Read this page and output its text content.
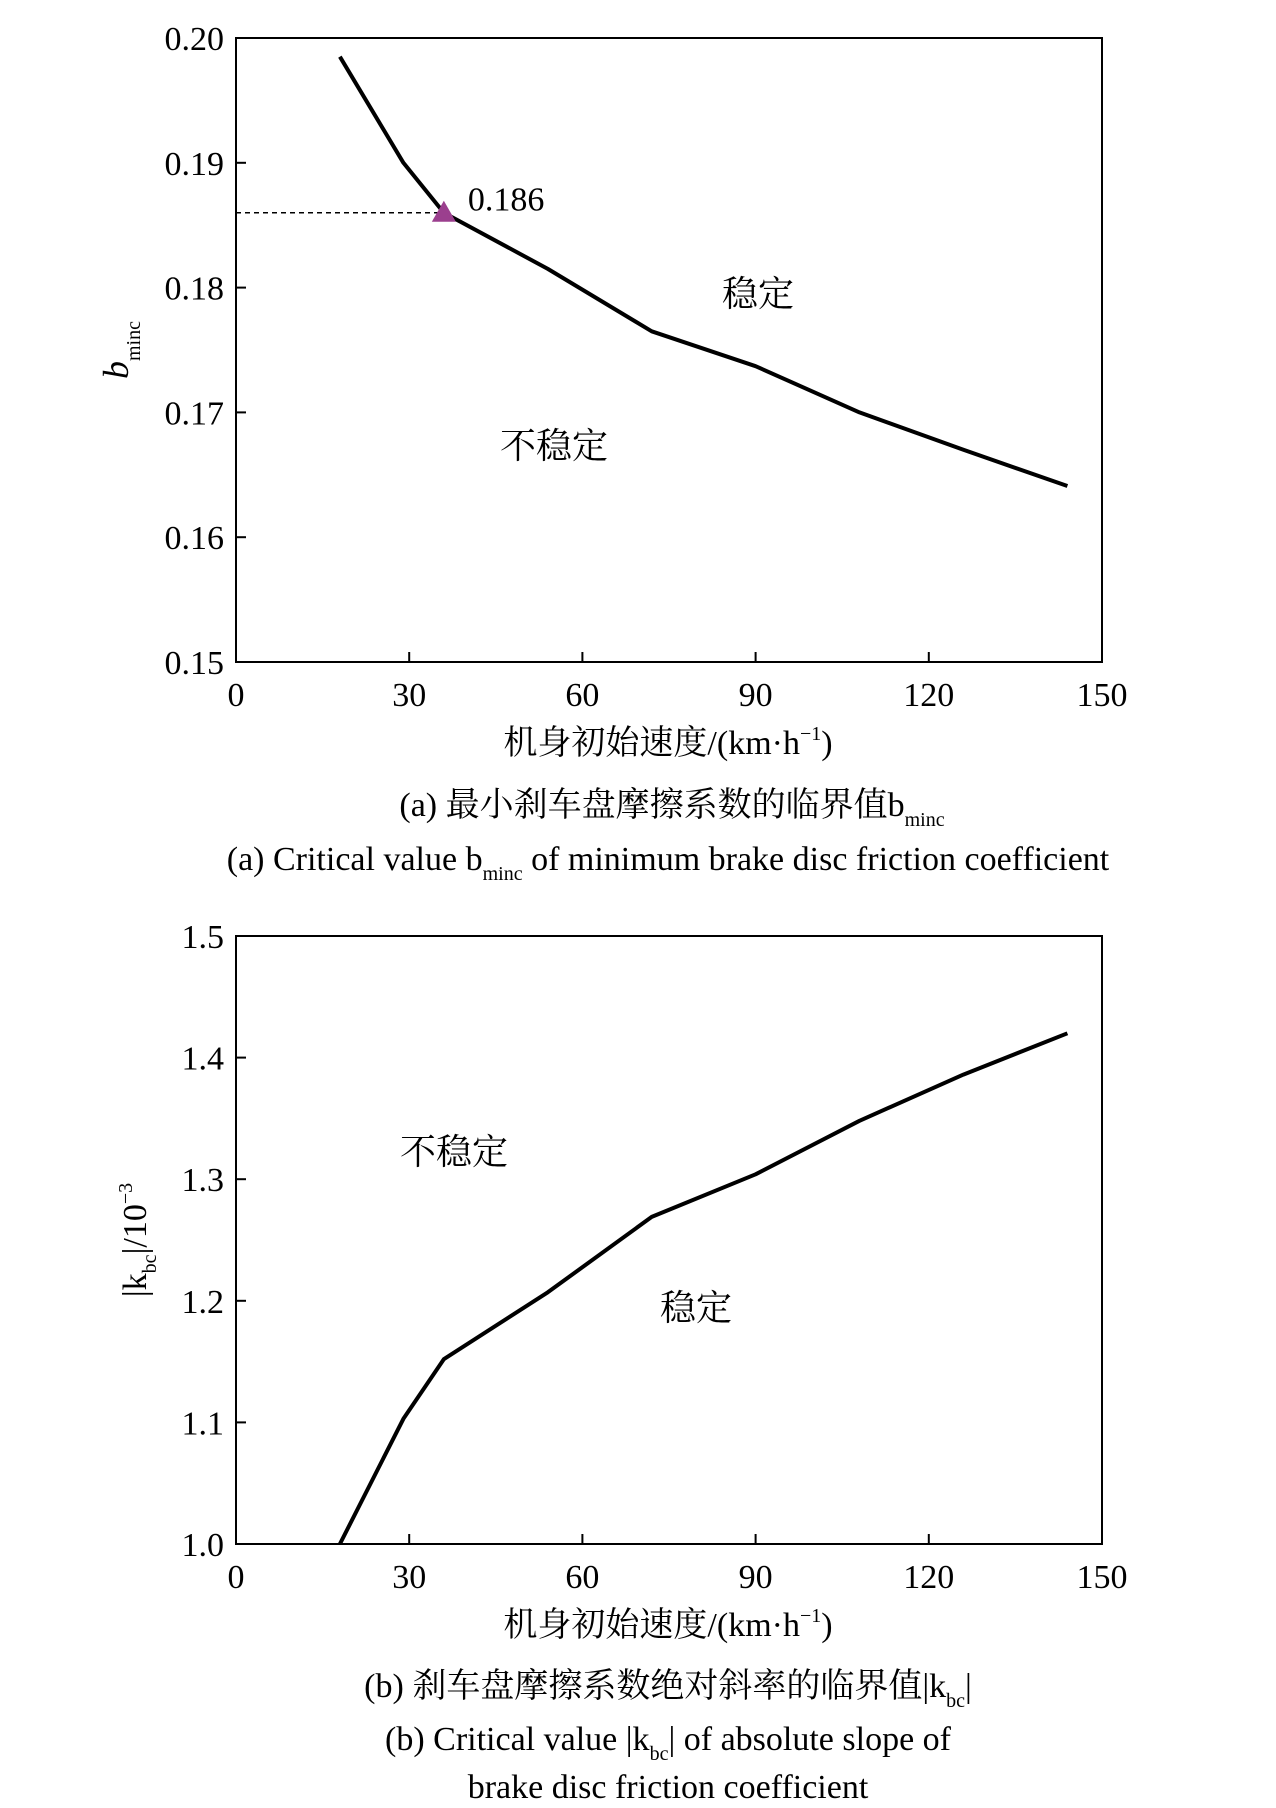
0	30	60	90	120	150
0.15
0.16
0.17
0.18
0.19
0.20
0.186
稳定
不稳定
机身初始速度$/(km\cdot h^{-1})$
bminc
(a) 最小刹车盘摩擦系数的临界值$b_{minc}$
(a) Critical value $b_{minc}$ of minimum brake disc friction coefficient
0	30	60	90	120	150
1.0
1.1
1.2
1.3
1.4
1.5
不稳定
稳定
机身初始速度$/(km\cdot h^{-1})$
$|k_{bc}|/10^{-3}$
(b) 刹车盘摩擦系数绝对斜率的临界值$|k_{bc}|$
(b) Critical value $|k_{bc}|$ of absolute slope of
brake disc friction coefficient
